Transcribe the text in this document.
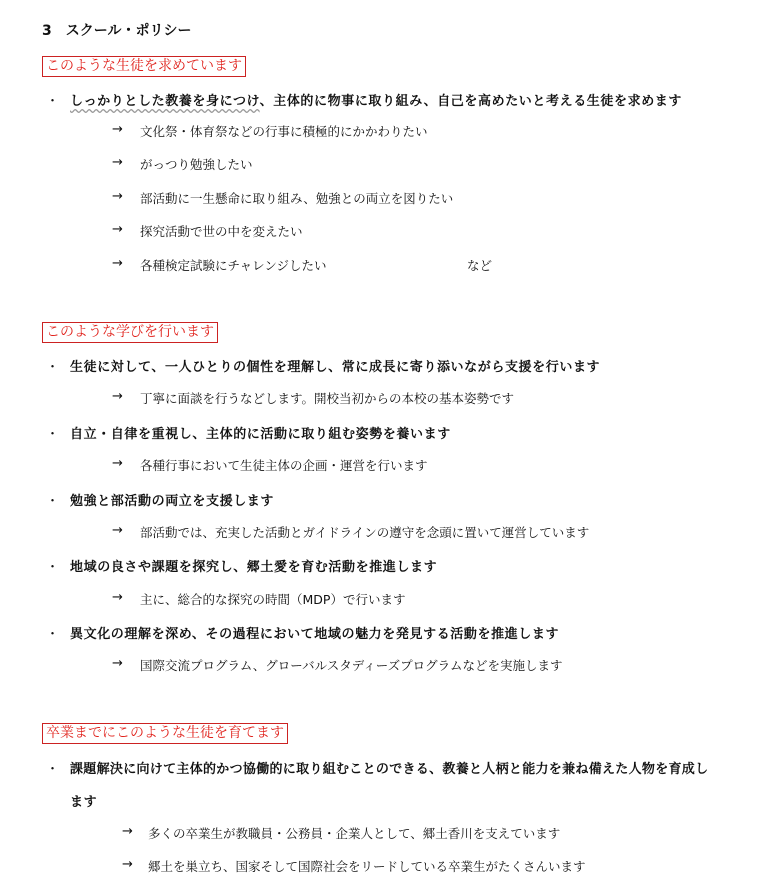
3　スクール・ポリシー
このような生徒を求めています
・ しっかりとした教養を身につけ、主体的に物事に取り組み、自己を高めたいと考える生徒を求めます
→ 文化祭・体育祭などの行事に積極的にかかわりたい
→ がっつり勉強したい
→ 部活動に一生懸命に取り組み、勉強との両立を図りたい
→ 探究活動で世の中を変えたい
→ 各種検定試験にチャレンジしたい	など
このような学びを行います
・ 生徒に対して、一人ひとりの個性を理解し、常に成長に寄り添いながら支援を行います
→ 丁寧に面談を行うなどします。開校当初からの本校の基本姿勢です
・ 自立・自律を重視し、主体的に活動に取り組む姿勢を養います
→ 各種行事において生徒主体の企画・運営を行います
・ 勉強と部活動の両立を支援します
→ 部活動では、充実した活動とガイドラインの遵守を念頭に置いて運営しています
・ 地域の良さや課題を探究し、郷土愛を育む活動を推進します
→ 主に、総合的な探究の時間（MDP）で行います
・ 異文化の理解を深め、その過程において地域の魅力を発見する活動を推進します
→ 国際交流プログラム、グローバルスタディーズプログラムなどを実施します
卒業までにこのような生徒を育てます
・ 課題解決に向けて主体的かつ協働的に取り組むことのできる、教養と人柄と能力を兼ね備えた人物を育成し
ます
→ 多くの卒業生が教職員・公務員・企業人として、郷土香川を支えています
→ 郷土を巣立ち、国家そして国際社会をリードしている卒業生がたくさんいます
